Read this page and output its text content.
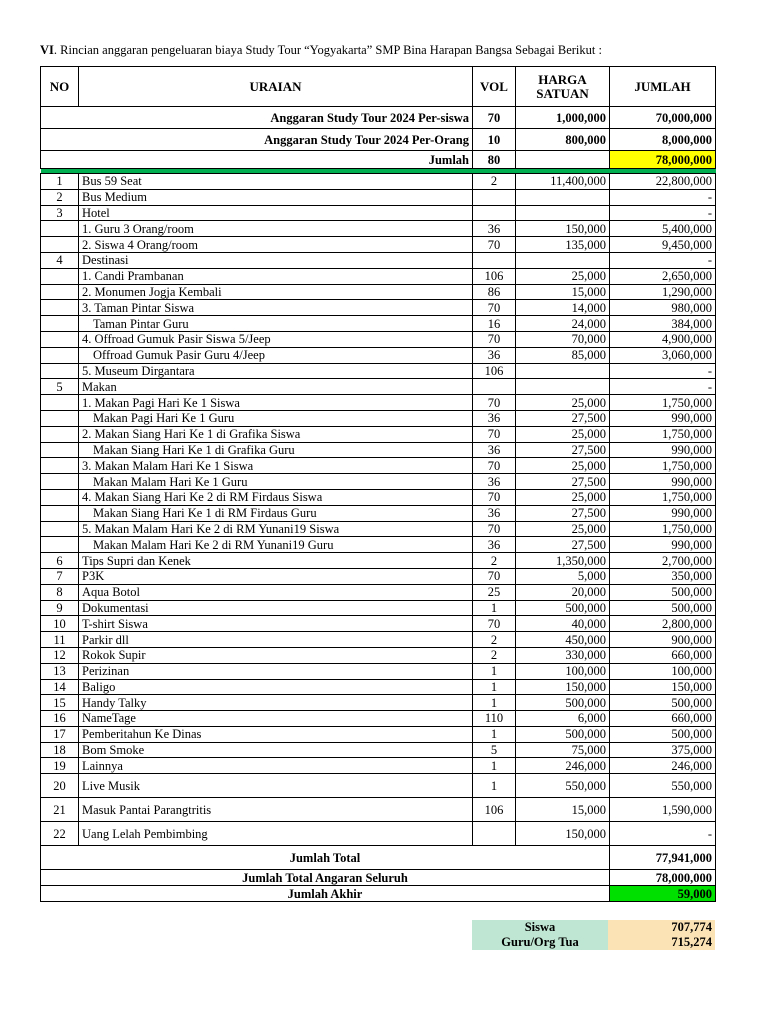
VI. Rincian anggaran pengeluaran biaya Study Tour “Yogyakarta” SMP Bina Harapan Bangsa Sebagai Berikut :
NO	URAIAN	VOL	HARGA SATUAN	JUMLAH
Anggaran Study Tour 2024 Per-siswa		70	1,000,000	70,000,000
Anggaran Study Tour 2024 Per-Orang		10	800,000	8,000,000
Jumlah		80		78,000,000

1	Bus 59 Seat	2	11,400,000	22,800,000
2	Bus Medium			-
3	Hotel			-
	1. Guru 3 Orang/room	36	150,000	5,400,000
	2. Siswa 4 Orang/room	70	135,000	9,450,000
4	Destinasi			-
	1. Candi Prambanan	106	25,000	2,650,000
	2. Monumen Jogja Kembali	86	15,000	1,290,000
	3. Taman Pintar Siswa	70	14,000	980,000
	Taman Pintar Guru	16	24,000	384,000
	4. Offroad Gumuk Pasir Siswa 5/Jeep	70	70,000	4,900,000
	Offroad Gumuk Pasir Guru 4/Jeep	36	85,000	3,060,000
	5. Museum Dirgantara	106		-
5	Makan			-
	1. Makan Pagi Hari Ke 1 Siswa	70	25,000	1,750,000
	Makan Pagi Hari Ke 1 Guru	36	27,500	990,000
	2. Makan Siang Hari Ke 1 di Grafika Siswa	70	25,000	1,750,000
	Makan Siang Hari Ke 1 di Grafika Guru	36	27,500	990,000
	3. Makan Malam Hari Ke 1 Siswa	70	25,000	1,750,000
	Makan Malam Hari Ke 1 Guru	36	27,500	990,000
	4. Makan Siang Hari Ke 2 di RM Firdaus Siswa	70	25,000	1,750,000
	Makan Siang Hari Ke 1 di RM Firdaus Guru	36	27,500	990,000
	5. Makan Malam Hari Ke 2 di RM Yunani19 Siswa	70	25,000	1,750,000
	Makan Malam Hari Ke 2 di RM Yunani19 Guru	36	27,500	990,000
6	Tips Supri dan Kenek	2	1,350,000	2,700,000
7	P3K	70	5,000	350,000
8	Aqua Botol	25	20,000	500,000
9	Dokumentasi	1	500,000	500,000
10	T-shirt Siswa	70	40,000	2,800,000
11	Parkir dll	2	450,000	900,000
12	Rokok Supir	2	330,000	660,000
13	Perizinan	1	100,000	100,000
14	Baligo	1	150,000	150,000
15	Handy Talky	1	500,000	500,000
16	NameTage	110	6,000	660,000
17	Pemberitahun Ke Dinas	1	500,000	500,000
18	Bom Smoke	5	75,000	375,000
19	Lainnya	1	246,000	246,000
20	Live Musik	1	550,000	550,000
21	Masuk Pantai Parangtritis	106	15,000	1,590,000
22	Uang Lelah Pembimbing		150,000	-
Jumlah Total				77,941,000
Jumlah Total Angaran Seluruh				78,000,000
Jumlah Akhir				59,000
Siswa	707,774
Guru/Org Tua	715,274
